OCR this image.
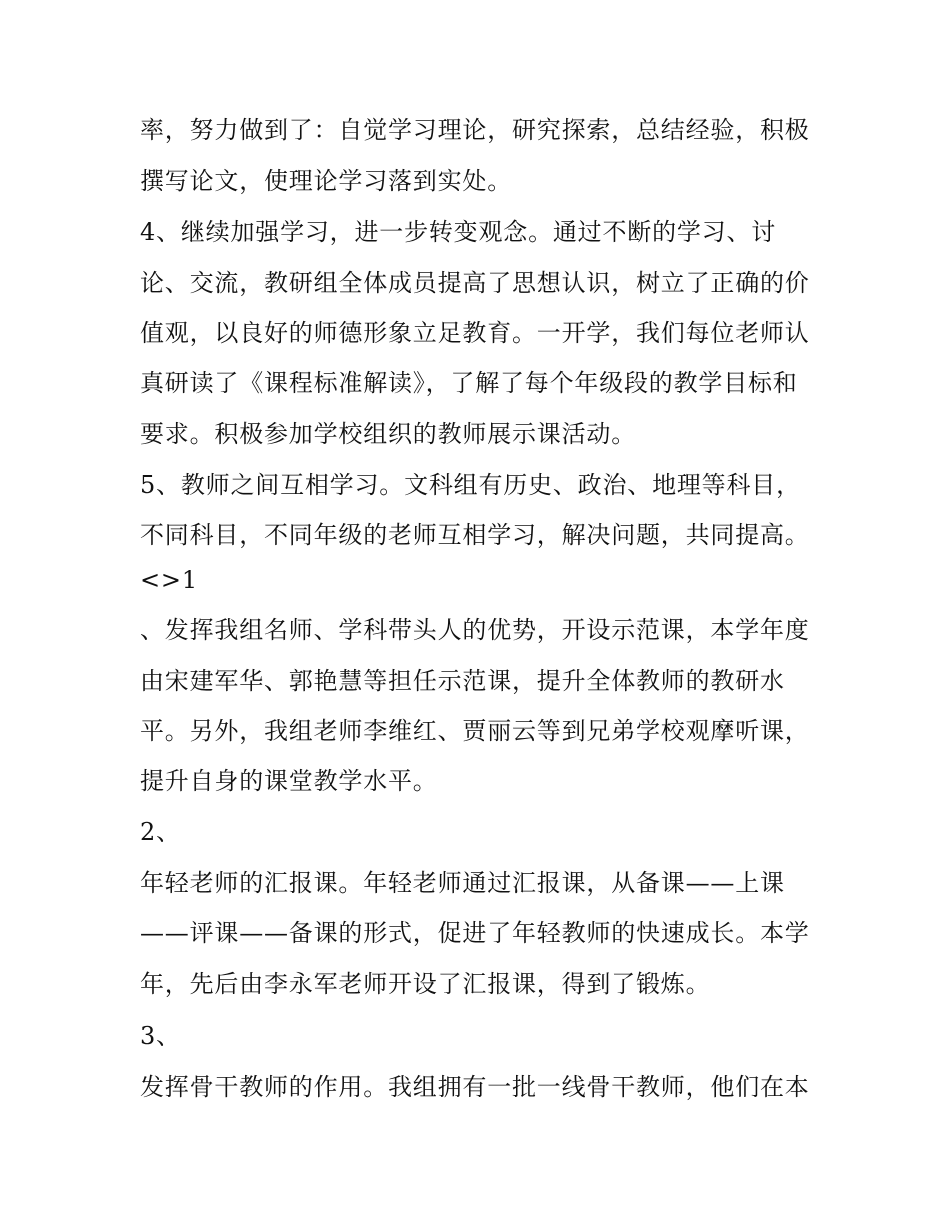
率，努力做到了：自觉学习理论，研究探索，总结经验，积极
撰写论文，使理论学习落到实处。
4、继续加强学习，进一步转变观念。通过不断的学习、讨
论、交流，教研组全体成员提高了思想认识，树立了正确的价
值观，以良好的师德形象立足教育。一开学，我们每位老师认
真研读了《课程标准解读》，了解了每个年级段的教学目标和
要求。积极参加学校组织的教师展示课活动。
5、教师之间互相学习。文科组有历史、政治、地理等科目，
不同科目，不同年级的老师互相学习，解决问题，共同提高。
<>1
、发挥我组名师、学科带头人的优势，开设示范课，本学年度
由宋建军华、郭艳慧等担任示范课，提升全体教师的教研水
平。另外，我组老师李维红、贾丽云等到兄弟学校观摩听课，
提升自身的课堂教学水平。
2、
年轻老师的汇报课。年轻老师通过汇报课，从备课——上课
——评课——备课的形式，促进了年轻教师的快速成长。本学
年，先后由李永军老师开设了汇报课，得到了锻炼。
3、
发挥骨干教师的作用。我组拥有一批一线骨干教师，他们在本
